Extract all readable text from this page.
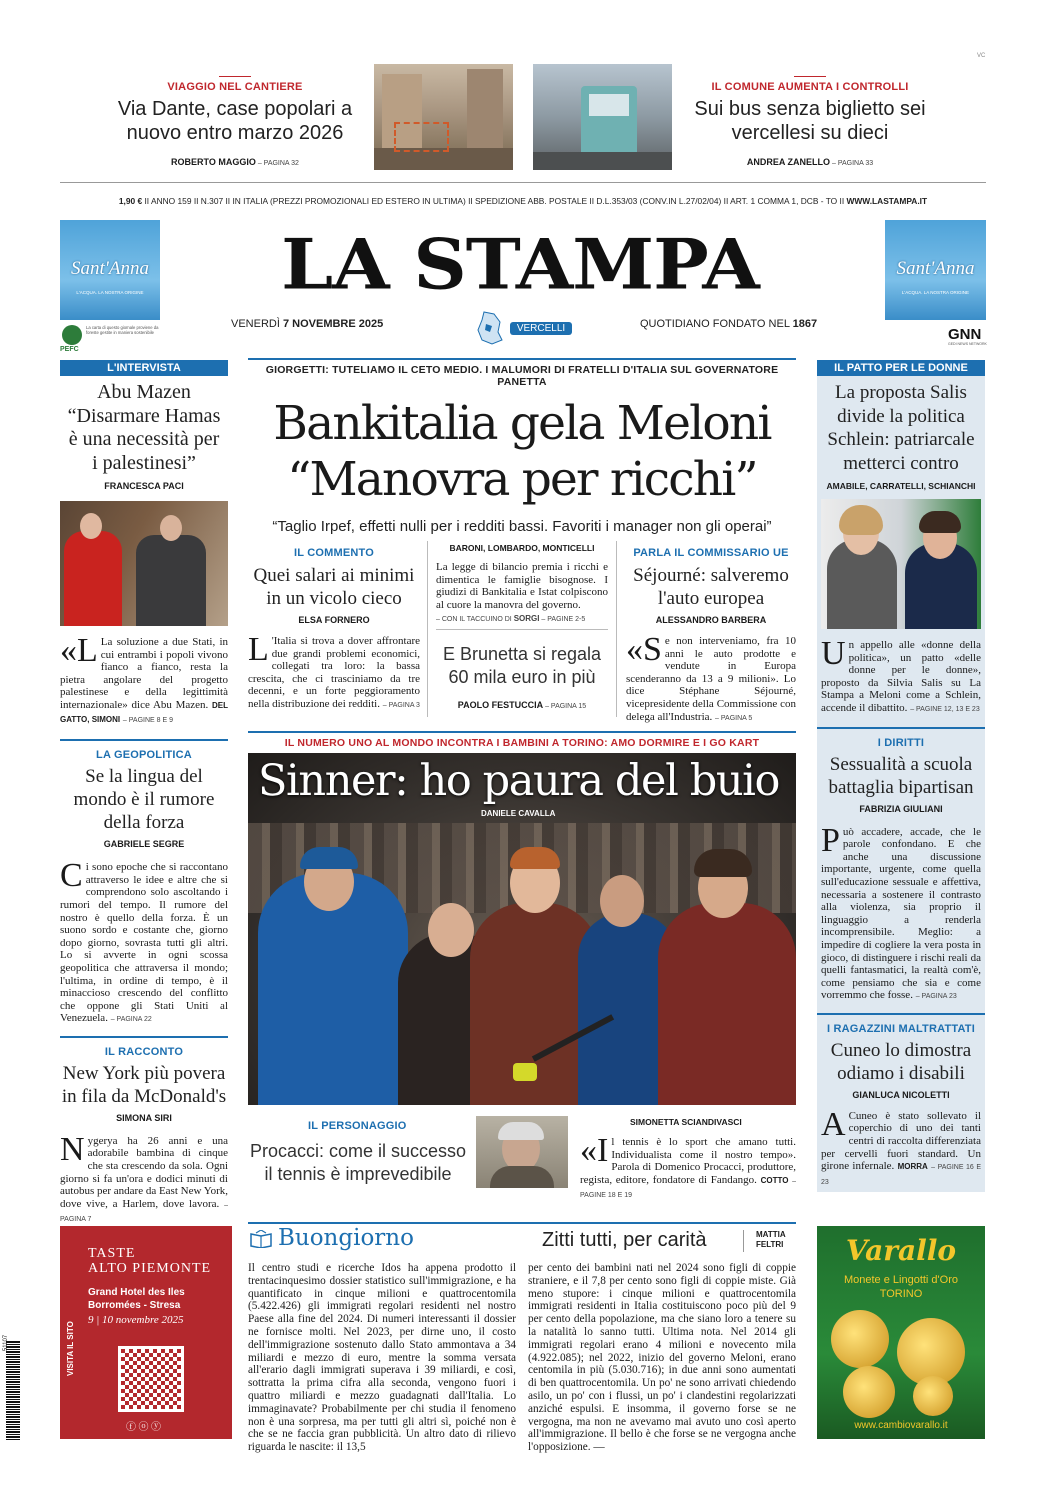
VIAGGIO NEL CANTIERE
Via Dante, case popolari a nuovo entro marzo 2026
ROBERTO MAGGIO – PAGINA 32
IL COMUNE AUMENTA I CONTROLLI
Sui bus senza biglietto sei vercellesi su dieci
ANDREA ZANELLO – PAGINA 33
VC
1,90 € II ANNO 159 II N.307 II IN ITALIA (PREZZI PROMOZIONALI ED ESTERO IN ULTIMA) II SPEDIZIONE ABB. POSTALE II D.L.353/03 (CONV.IN L.27/02/04) II ART. 1 COMMA 1, DCB - TO II WWW.LASTAMPA.IT
Sant'Anna
L'ACQUA. LA NOSTRA ORIGINE
Sant'Anna
L'ACQUA. LA NOSTRA ORIGINE
LA STAMPA
PEFC
La carta di questo giornale proviene da foreste gestite in maniera sostenibile
VENERDÌ 7 NOVEMBRE 2025	VERCELLI	QUOTIDIANO FONDATO NEL 1867
GNN
GEDI NEWS NETWORK
L'INTERVISTA
Abu Mazen “Disarmare Hamas è una necessità per i palestinesi”
FRANCESCA PACI
«L La soluzione a due Stati, in cui entrambi i popoli vivono fianco a fianco, resta la pietra angolare del progetto palestinese e della legittimità internazionale» dice Abu Mazen. DEL GATTO, SIMONI – PAGINE 8 E 9
LA GEOPOLITICA
Se la lingua del mondo è il rumore della forza
GABRIELE SEGRE
Ci sono epoche che si raccontano attraverso le idee e altre che si comprendono solo ascoltando i rumori del tempo. Il rumore del nostro è quello della forza. È un suono sordo e costante che, giorno dopo giorno, sovrasta tutti gli altri. Lo si avverte in ogni scossa geopolitica che attraversa il mondo; l'ultima, in ordine di tempo, è il minaccioso crescendo del conflitto che oppone gli Stati Uniti al Venezuela. – PAGINA 22
IL RACCONTO
New York più povera in fila da McDonald's
SIMONA SIRI
Nygerya ha 26 anni e una adorabile bambina di cinque che sta crescendo da sola. Ogni giorno si fa un'ora e dodici minuti di autobus per andare da East New York, dove vive, a Harlem, dove lavora. – PAGINA 7
GIORGETTI: TUTELIAMO IL CETO MEDIO. I MALUMORI DI FRATELLI D'ITALIA SUL GOVERNATORE PANETTA
Bankitalia gela Meloni
“Manovra per ricchi”
“Taglio Irpef, effetti nulli per i redditi bassi. Favoriti i manager non gli operai”
IL COMMENTO
Quei salari ai minimi in un vicolo cieco
ELSA FORNERO
L 'Italia si trova a dover affrontare due grandi problemi economici, collegati tra loro: la bassa crescita, che ci trasciniamo da tre decenni, e un forte peggioramento nella distribuzione dei redditi. – PAGINA 3
BARONI, LOMBARDO, MONTICELLI
La legge di bilancio premia i ricchi e dimentica le famiglie bisognose. I giudizi di Bankitalia e Istat colpiscono al cuore la manovra del governo.
– CON IL TACCUINO DI SORGI – PAGINE 2-5
E Brunetta si regala 60 mila euro in più
PAOLO FESTUCCIA – PAGINA 15
PARLA IL COMMISSARIO UE
Séjourné: salveremo l'auto europea
ALESSANDRO BARBERA
«Se non interveniamo, fra 10 anni le auto prodotte e vendute in Europa scenderanno da 13 a 9 milioni». Lo dice Stéphane Séjourné, vicepresidente della Commissione con delega all'Industria. – PAGINA 5
IL NUMERO UNO AL MONDO INCONTRA I BAMBINI A TORINO: AMO DORMIRE E I GO KART
Sinner: ho paura del buio
DANIELE CAVALLA
IL PERSONAGGIO
Procacci: come il successo il tennis è imprevedibile
SIMONETTA SCIANDIVASCI
«Il tennis è lo sport che amano tutti. Individualista come il nostro tempo». Parola di Domenico Procacci, produttore, regista, editore, fondatore di Fandango. COTTO – PAGINE 18 E 19
IL PATTO PER LE DONNE
La proposta Salis divide la politica Schlein: patriarcale metterci contro
AMABILE, CARRATELLI, SCHIANCHI
Un appello alle «donne della politica», un patto «delle donne per le donne», proposto da Silvia Salis su La Stampa a Meloni come a Schlein, accende il dibattito. – PAGINE 12, 13 E 23
I DIRITTI
Sessualità a scuola battaglia bipartisan
FABRIZIA GIULIANI
Può accadere, accade, che le parole confondano. E che anche una discussione importante, urgente, come quella sull'educazione sessuale e affettiva, necessaria a sostenere il contrasto alla violenza, sia proprio il linguaggio a renderla incomprensibile. Meglio: a impedire di cogliere la vera posta in gioco, di distinguere i rischi reali da quelli fantasmatici, la realtà com'è, come pensiamo che sia e come vorremmo che fosse. – PAGINA 23
I RAGAZZINI MALTRATTATI
Cuneo lo dimostra odiamo i disabili
GIANLUCA NICOLETTI
A Cuneo è stato sollevato il coperchio di uno dei tanti centri di raccolta differenziata per cervelli fuori standard. Un girone infernale. MORRA – PAGINE 16 E 23
51107
TASTE
ALTO PIEMONTE
Grand Hotel des Iles Borromées - Stresa
9 | 10 novembre 2025
VISITA IL SITO
ⓕ ⓞ ⓨ
Buongiorno	Zitti tutti, per carità	MATTIA
FELTRI
Il centro studi e ricerche Idos ha appena prodotto il trentacinquesimo dossier statistico sull'immigrazione, e ha quantificato in cinque milioni e quattrocentomila (5.422.426) gli immigrati regolari residenti nel nostro Paese alla fine del 2024. Di numeri interessanti il dossier ne fornisce molti. Nel 2023, per dirne uno, il costo dell'immigrazione sostenuto dallo Stato ammontava a 34 miliardi e mezzo di euro, mentre la somma versata all'erario dagli immigrati superava i 39 miliardi, e così, sottratta la prima cifra alla seconda, vengono fuori i quattro miliardi e mezzo guadagnati dall'Italia. Lo immaginavate? Probabilmente per chi studia il fenomeno non è una sorpresa, ma per tutti gli altri sì, poiché non è che se ne faccia gran pubblicità. Un altro dato di rilievo riguarda le nascite: il 13,5
per cento dei bambini nati nel 2024 sono figli di coppie straniere, e il 7,8 per cento sono figli di coppie miste. Già meno stupore: i cinque milioni e quattrocentomila immigrati residenti in Italia costituiscono poco più del 9 per cento della popolazione, ma che siano loro a tenere su la natalità lo sanno tutti. Ultima nota. Nel 2014 gli immigrati regolari erano 4 milioni e novecento mila (4.922.085); nel 2022, inizio del governo Meloni, erano centomila in più (5.030.716); in due anni sono aumentati di ben quattrocentomila. Un po' ne sono arrivati chiedendo asilo, un po' con i flussi, un po' i clandestini regolarizzati anziché espulsi. E insomma, il governo forse se ne vergogna, ma non ne avevamo mai avuto uno così aperto all'immigrazione. Il bello è che forse se ne vergogna anche l'opposizione. —
Varallo
Monete e Lingotti d'Oro
TORINO
www.cambiovarallo.it
